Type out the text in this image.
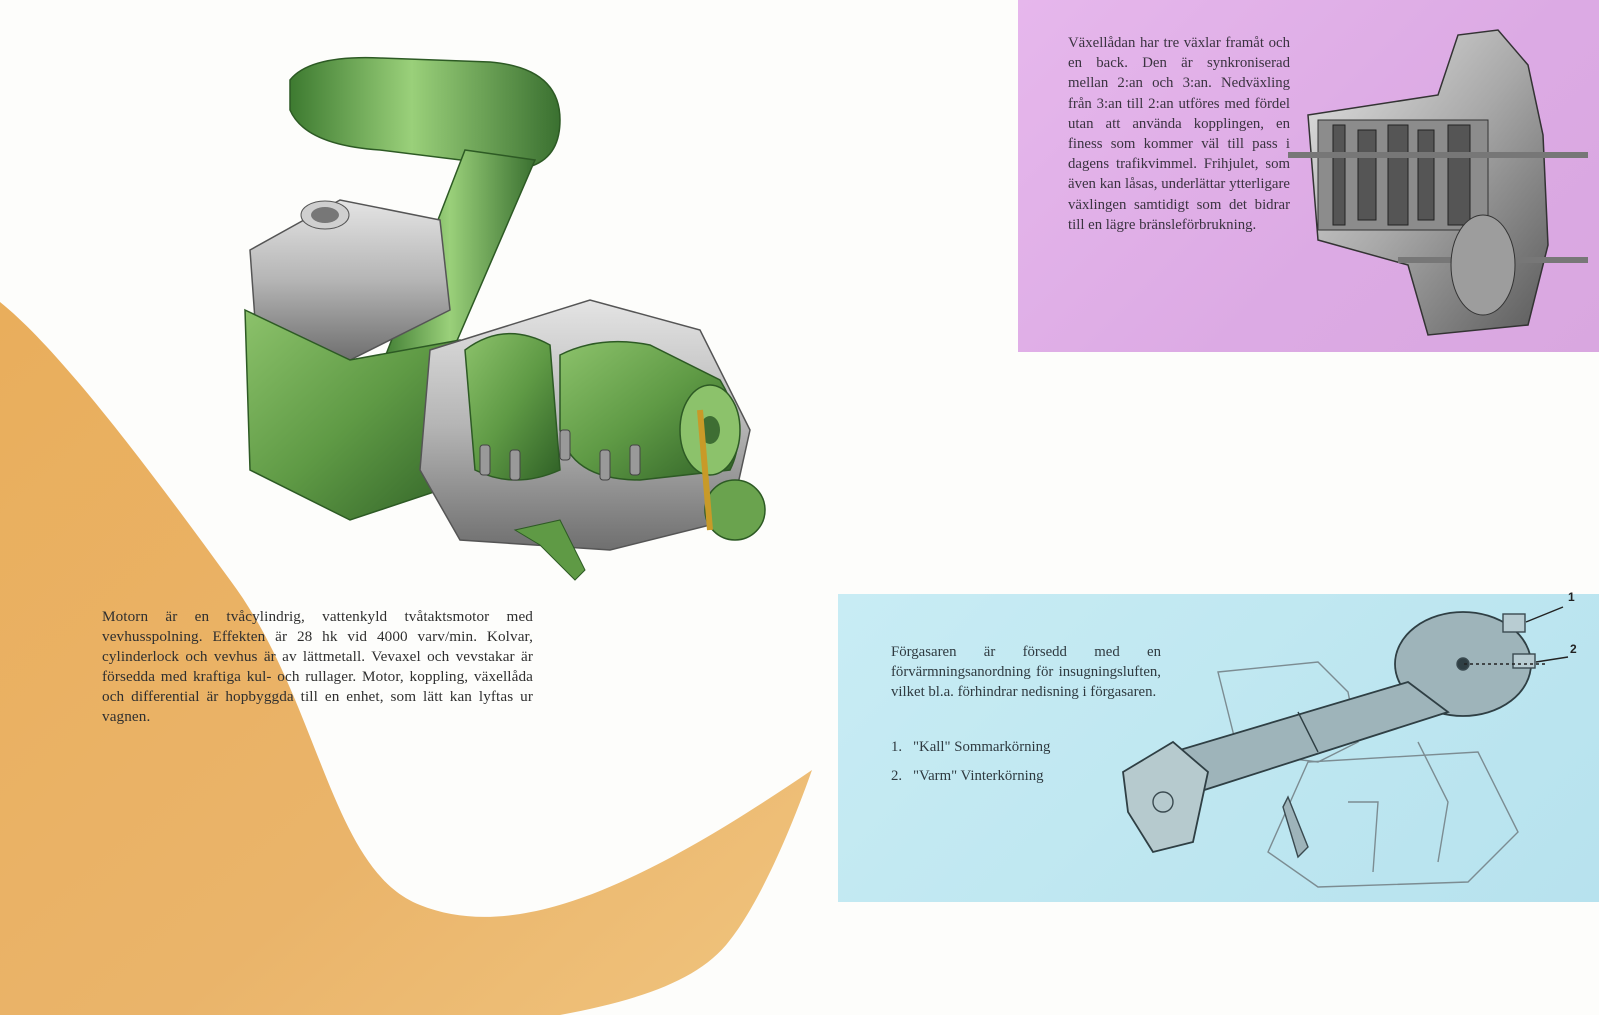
Motorn är en tvåcylindrig, vattenkyld tvåtaktsmotor med vevhusspolning. Effekten är 28 hk vid 4000 varv/min. Kolvar, cylinderlock och vevhus är av lättmetall. Vevaxel och vevstakar är försedda med kraftiga kul- och rullager. Motor, koppling, växellåda och differential är hopbyggda till en enhet, som lätt kan lyftas ur vagnen.
Växellådan har tre växlar framåt och en back. Den är synkroniserad mellan 2:an och 3:an. Nedväxling från 3:an till 2:an utföres med fördel utan att använda kopplingen, en finess som kommer väl till pass i dagens trafikvimmel. Frihjulet, som även kan låsas, underlättar ytterligare växlingen samtidigt som det bidrar till en lägre bränsleförbrukning.
Förgasaren är försedd med en förvärmningsanordning för insugningsluften, vilket bl.a. förhindrar nedisning i förgasaren.
1. "Kall" Sommarkörning
2. "Varm" Vinterkörning
1
2
